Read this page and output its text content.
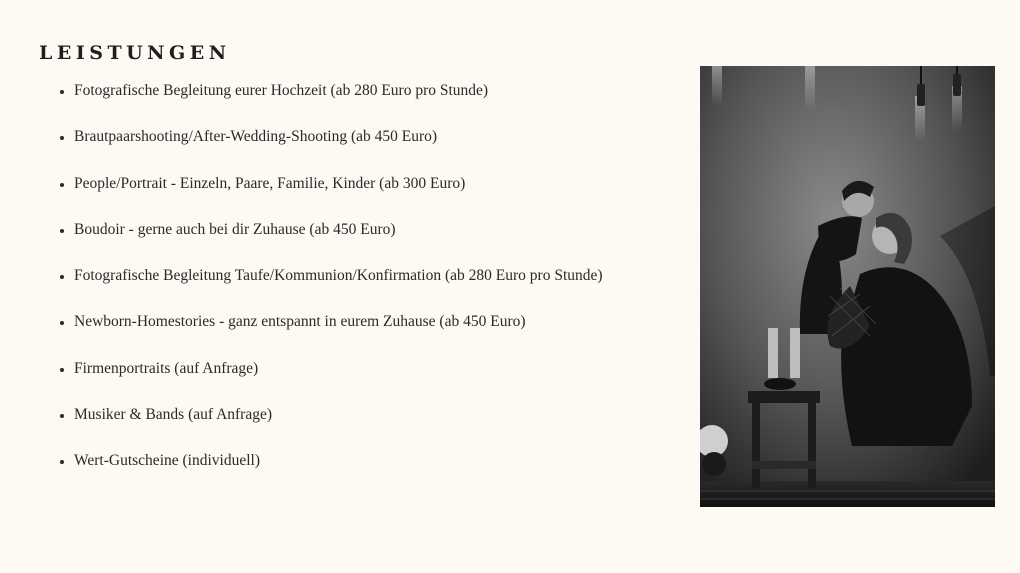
LEISTUNGEN
• Fotografische Begleitung eurer Hochzeit (ab 280 Euro pro Stunde)
• Brautpaarshooting/After-Wedding-Shooting (ab 450 Euro)
• People/Portrait - Einzeln, Paare, Familie, Kinder (ab 300 Euro)
• Boudoir - gerne auch bei dir Zuhause (ab 450 Euro)
• Fotografische Begleitung Taufe/Kommunion/Konfirmation (ab 280 Euro pro Stunde)
• Newborn-Homestories - ganz entspannt in eurem Zuhause (ab 450 Euro)
• Firmenportraits (auf Anfrage)
• Musiker & Bands (auf Anfrage)
• Wert-Gutscheine (individuell)
